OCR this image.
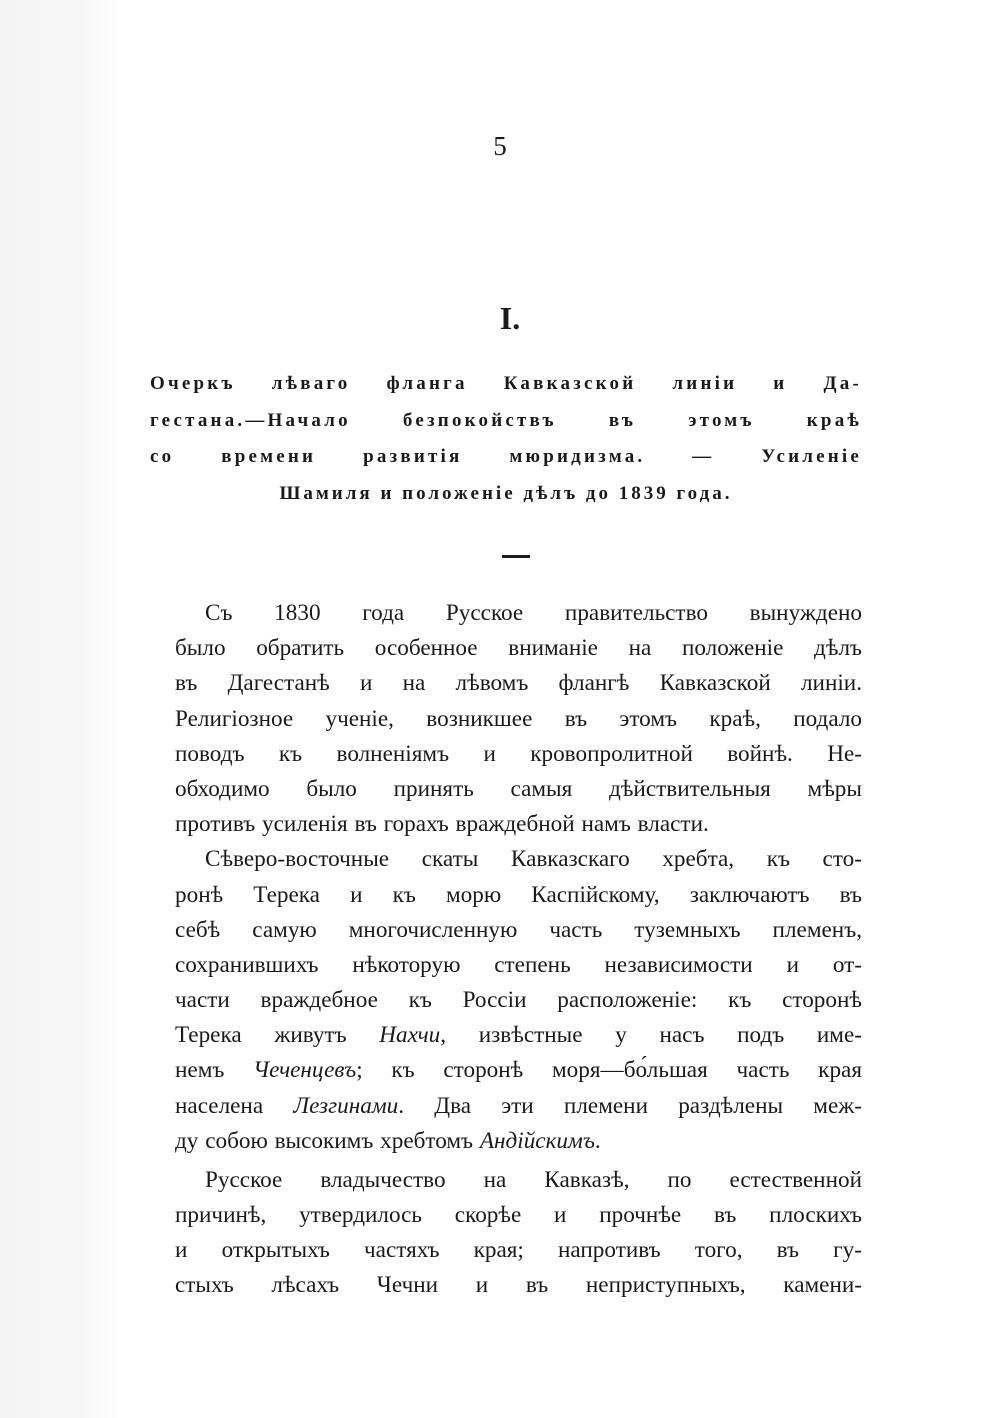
5
I.
Очеркъ лѣваго фланга Кавказской линiи и Да-
гестана.—Начало безпокойствъ въ этомъ краѣ
со времени развитiя мюридизма. — Усиленiе
Шамиля и положенiе дѣлъ до 1839 года.
Съ 1830 года Русское правительство вынуждено
было обратить особенное вниманiе на положенiе дѣлъ
въ Дагестанѣ и на лѣвомъ флангѣ Кавказской линiи.
Религiозное ученiе, возникшее въ этомъ краѣ, подало
поводъ къ волненiямъ и кровопролитной войнѣ. Не-
обходимо было принять самыя дѣйствительныя мѣры
противъ усиленiя въ горахъ враждебной намъ власти.
Сѣверо-восточные скаты Кавказскаго хребта, къ сто-
ронѣ Терека и къ морю Каспiйскому, заключаютъ въ
себѣ самую многочисленную часть туземныхъ племенъ,
сохранившихъ нѣкоторую степень независимости и от-
части враждебное къ Россiи расположенiе: къ сторонѣ
Терека живутъ Нахчи, извѣстные у насъ подъ име-
немъ Чеченцевъ; къ сторонѣ моря—бо́льшая часть края
населена Лезгинами. Два эти племени раздѣлены меж-
ду собою высокимъ хребтомъ Андiйскимъ.
Русское владычество на Кавказѣ, по естественной
причинѣ, утвердилось скорѣе и прочнѣе въ плоскихъ
и открытыхъ частяхъ края; напротивъ того, въ гу-
стыхъ лѣсахъ Чечни и въ неприступныхъ, камени-
